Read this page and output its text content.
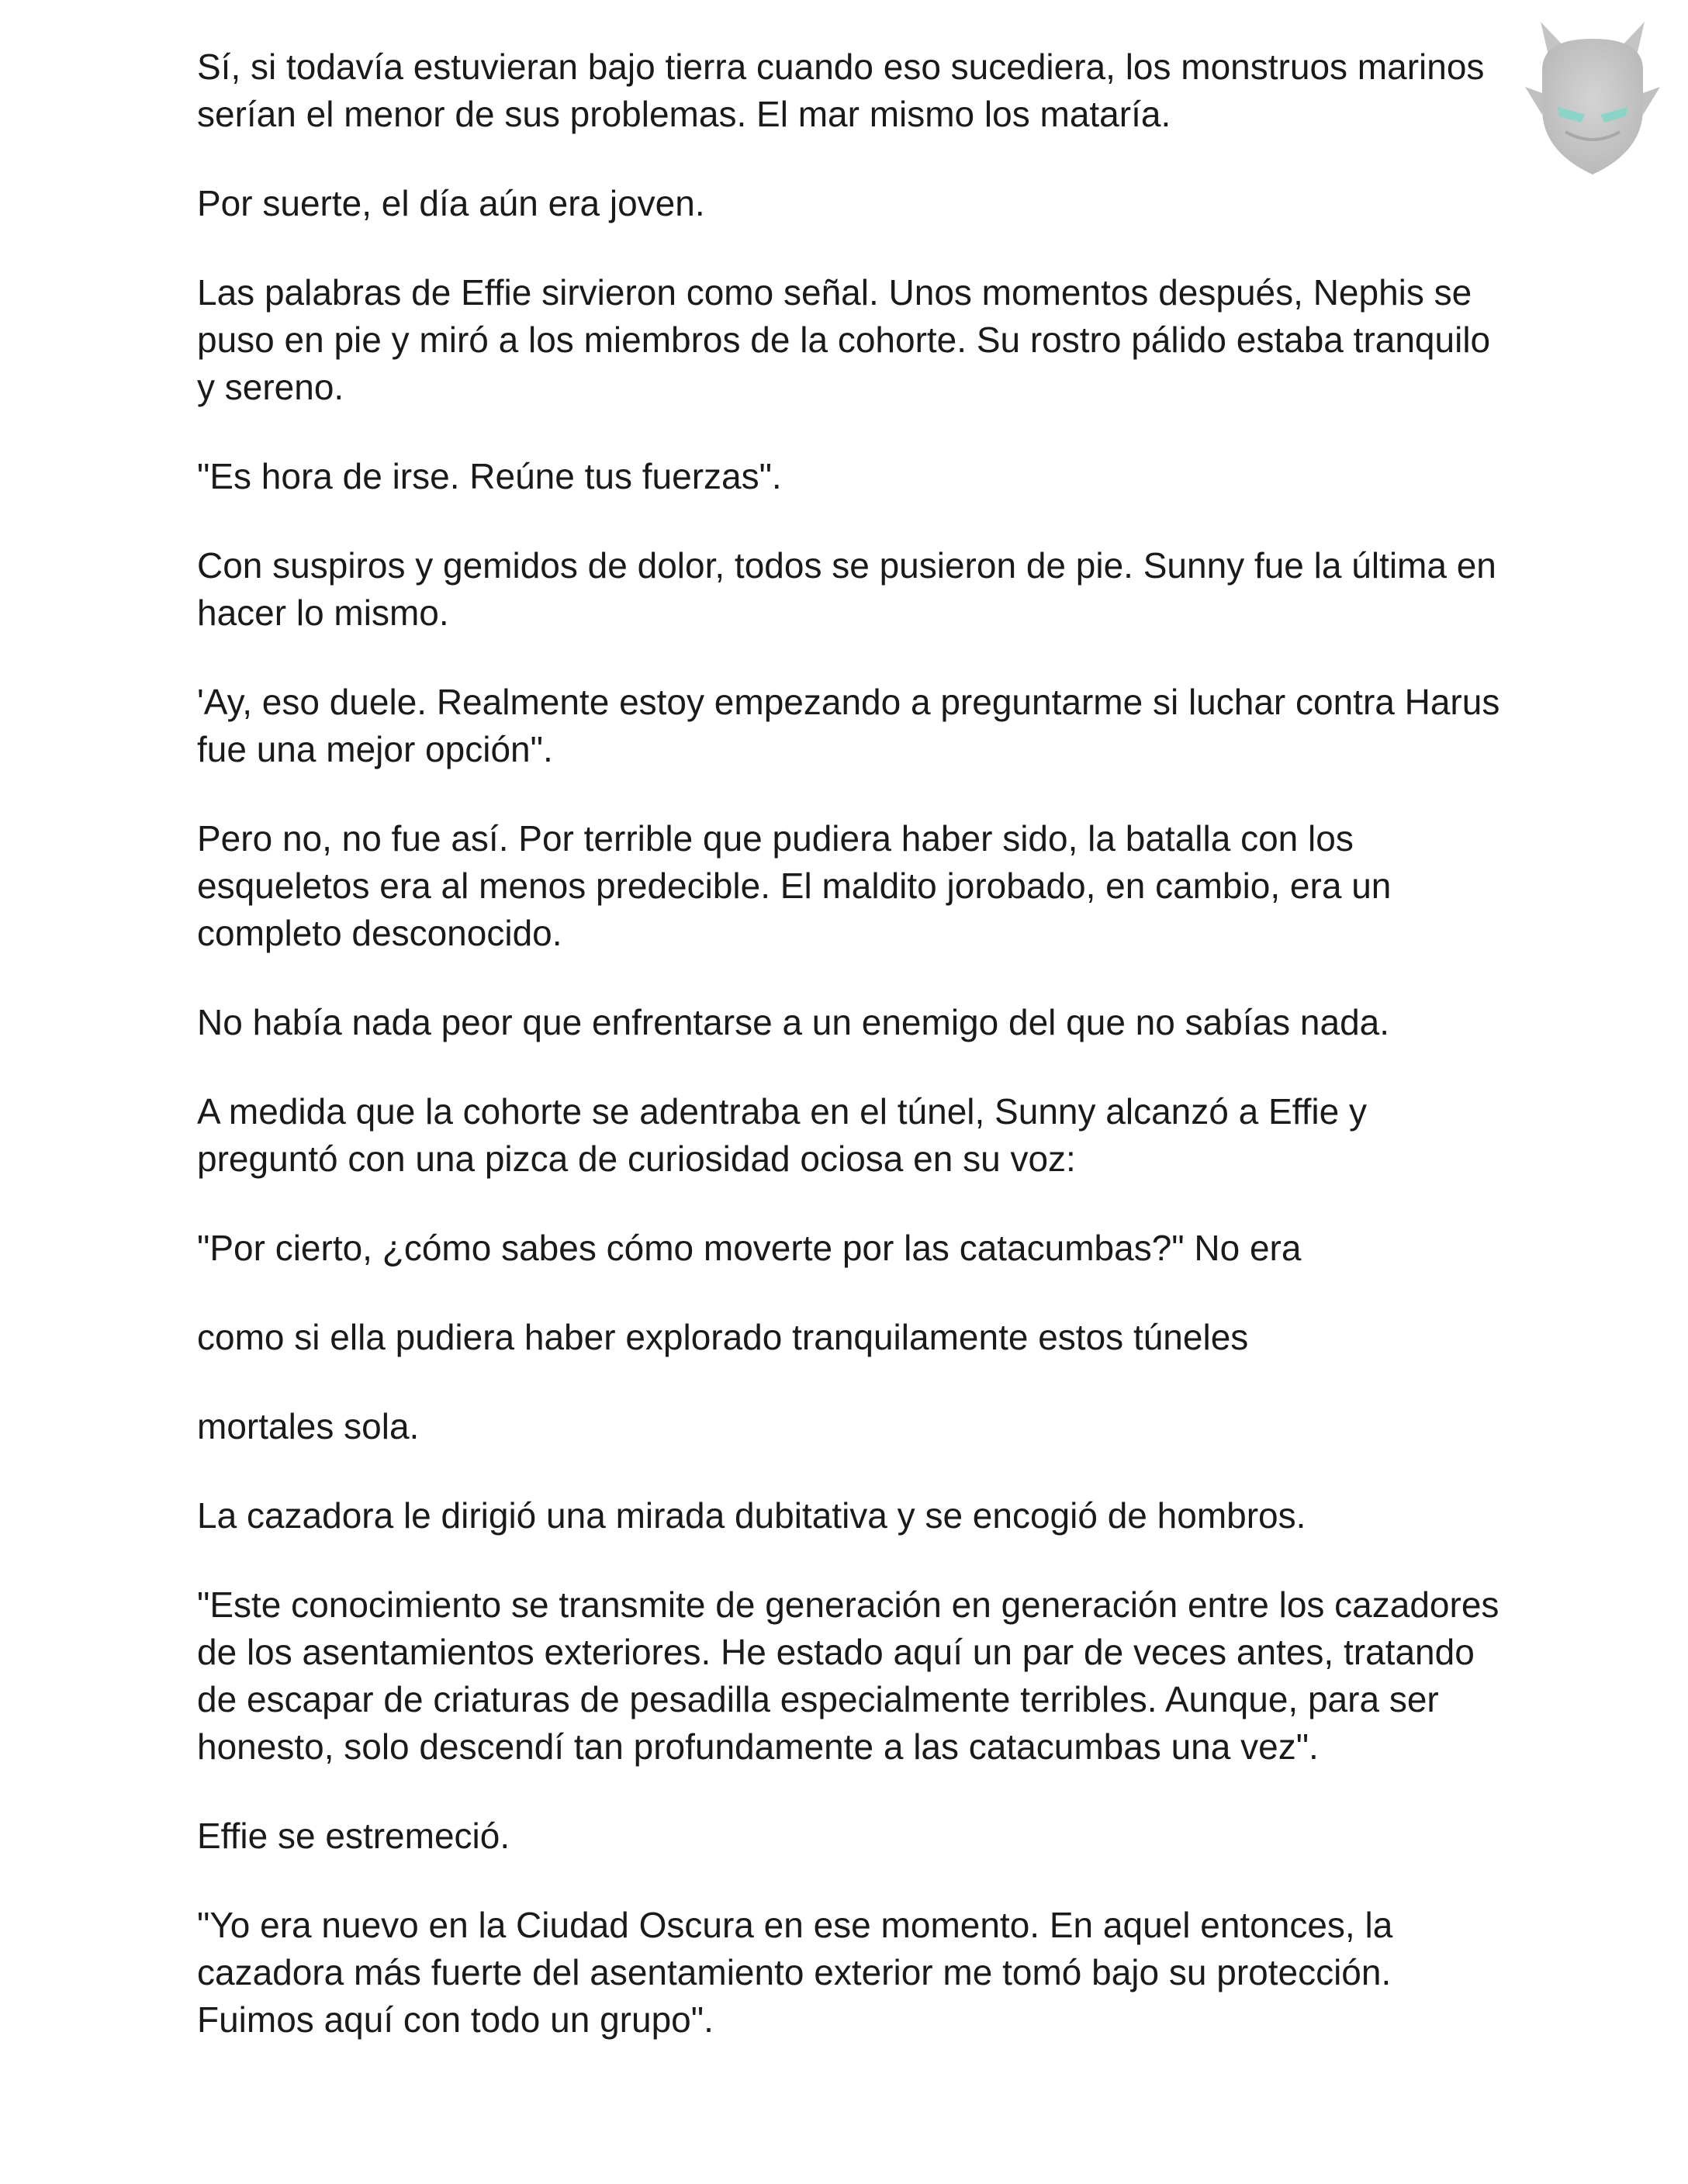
Sí, si todavía estuvieran bajo tierra cuando eso sucediera, los monstruos marinos serían el menor de sus problemas. El mar mismo los mataría.

Por suerte, el día aún era joven.

Las palabras de Effie sirvieron como señal. Unos momentos después, Nephis se puso en pie y miró a los miembros de la cohorte. Su rostro pálido estaba tranquilo y sereno.

"Es hora de irse. Reúne tus fuerzas".

Con suspiros y gemidos de dolor, todos se pusieron de pie. Sunny fue la última en hacer lo mismo.

'Ay, eso duele. Realmente estoy empezando a preguntarme si luchar contra Harus fue una mejor opción".

Pero no, no fue así. Por terrible que pudiera haber sido, la batalla con los esqueletos era al menos predecible. El maldito jorobado, en cambio, era un completo desconocido.

No había nada peor que enfrentarse a un enemigo del que no sabías nada.

A medida que la cohorte se adentraba en el túnel, Sunny alcanzó a Effie y preguntó con una pizca de curiosidad ociosa en su voz:

"Por cierto, ¿cómo sabes cómo moverte por las catacumbas?" No era

como si ella pudiera haber explorado tranquilamente estos túneles

mortales sola.

La cazadora le dirigió una mirada dubitativa y se encogió de hombros.

"Este conocimiento se transmite de generación en generación entre los cazadores de los asentamientos exteriores. He estado aquí un par de veces antes, tratando de escapar de criaturas de pesadilla especialmente terribles. Aunque, para ser honesto, solo descendí tan profundamente a las catacumbas una vez".

Effie se estremeció.

"Yo era nuevo en la Ciudad Oscura en ese momento. En aquel entonces, la cazadora más fuerte del asentamiento exterior me tomó bajo su protección. Fuimos aquí con todo un grupo".
